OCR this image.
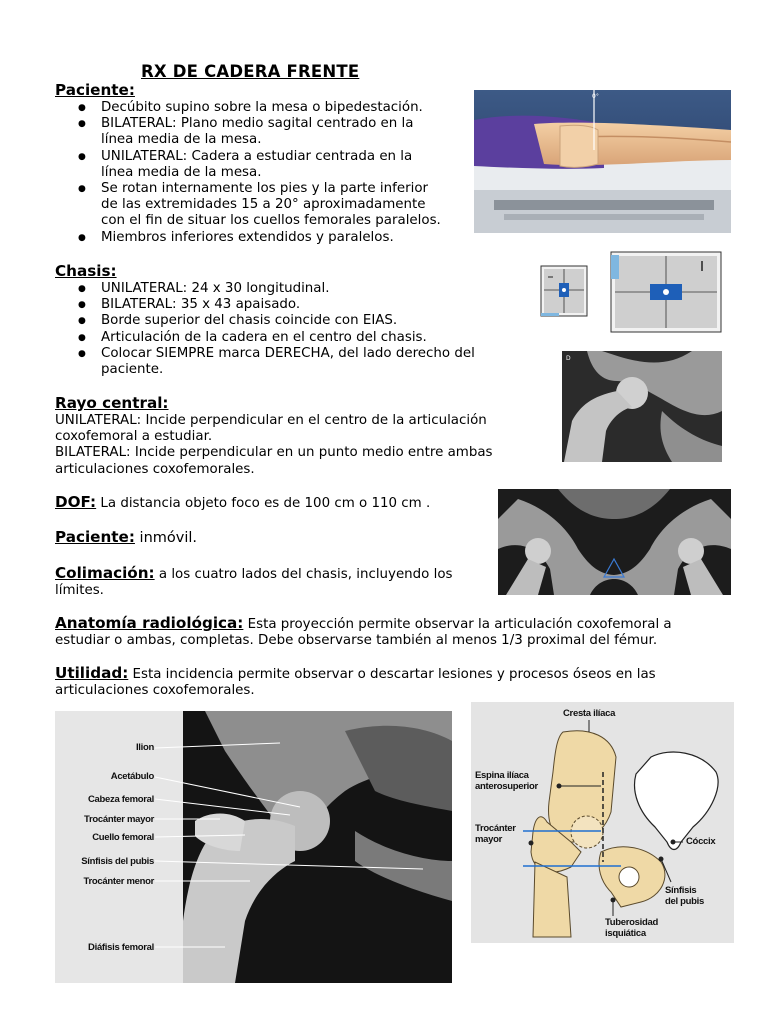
RX DE CADERA FRENTE
Paciente:
● Decúbito supino sobre la mesa o bipedestación.
● BILATERAL: Plano medio sagital centrado en la
línea media de la mesa.
● UNILATERAL: Cadera a estudiar centrada en la
línea media de la mesa.
● Se rotan internamente los pies y la parte inferior
de las extremidades 15 a 20° aproximadamente
con el fin de situar los cuellos femorales paralelos.
● Miembros inferiores extendidos y paralelos.
Chasis:
● UNILATERAL: 24 x 30 longitudinal.
● BILATERAL: 35 x 43 apaisado.
● Borde superior del chasis coincide con EIAS.
● Articulación de la cadera en el centro del chasis.
● Colocar SIEMPRE marca DERECHA, del lado derecho del
paciente.
Rayo central:
UNILATERAL: Incide perpendicular en el centro de la articulación
coxofemoral a estudiar.
BILATERAL: Incide perpendicular en un punto medio entre ambas
articulaciones coxofemorales.
DOF: La distancia objeto foco es de 100 cm o 110 cm .
Paciente: inmóvil.
Colimación: a los cuatro lados del chasis, incluyendo los
límites.
Anatomía radiológica: Esta proyección permite observar la articulación coxofemoral a
estudiar o ambas, completas. Debe observarse también al menos 1/3 proximal del fémur.
Utilidad: Esta incidencia permite observar o descartar lesiones y procesos óseos en las
articulaciones coxofemorales.
0°
D
Ilion
Acetábulo
Cabeza femoral
Trocánter mayor
Cuello femoral
Sínfisis del pubis
Trocánter menor
Diáfisis femoral
Cresta ilíaca
Espina ilíaca
anterosuperior
Trocánter
mayor	Cóccix
Sínfisis
del pubis
Tuberosidad
isquiática
